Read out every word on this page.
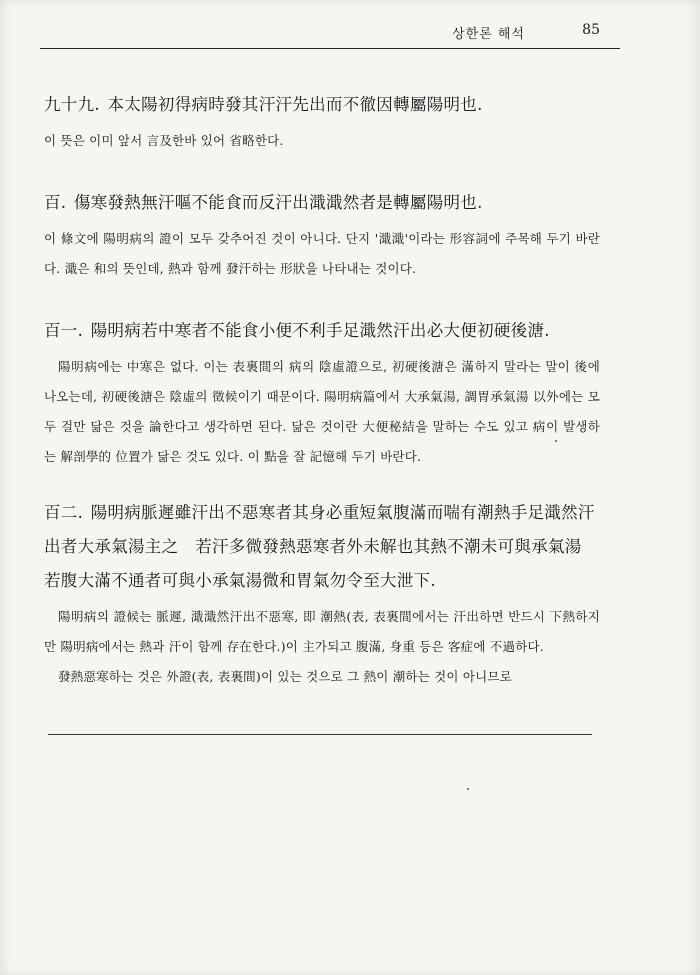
상한론 해석	85

九十九. 本太陽初得病時發其汗汗先出而不徹因轉屬陽明也.

이 뜻은 이미 앞서 言及한바 있어 省略한다.

百. 傷寒發熱無汗嘔不能食而反汗出濈濈然者是轉屬陽明也.

이 條文에 陽明病의 證이 모두 갖추어진 것이 아니다. 단지 '濈濈'이라는 形容詞에 주목해 두기 바란다. 濈은 和의 뜻인데, 熱과 함께 發汗하는 形狀을 나타내는 것이다.

百一. 陽明病若中寒者不能食小便不利手足濈然汗出必大便初硬後溏.

陽明病에는 中寒은 없다. 이는 表裏間의 病의 陰虛證으로, 初硬後溏은 滿하지 말라는 말이 後에 나오는데, 初硬後溏은 陰虛의 徵候이기 때문이다. 陽明病篇에서 大承氣湯, 調胃承氣湯 以外에는 모두 걸만 닮은 것을 論한다고 생각하면 된다. 닮은 것이란 大便秘結을 말하는 수도 있고 病이 발생하는 解剖學的 位置가 닮은 것도 있다. 이 點을 잘 記憶해 두기 바란다.

百二. 陽明病脈遲雖汗出不惡寒者其身必重短氣腹滿而喘有潮熱手足濈然汗出者大承氣湯主之　若汗多微發熱惡寒者外未解也其熱不潮未可與承氣湯　若腹大滿不通者可與小承氣湯微和胃氣勿令至大泄下.

陽明病의 證候는 脈遲, 濈濈然汗出不惡寒, 即 潮熱(表, 表裏間에서는 汗出하면 반드시 下熱하지만 陽明病에서는 熱과 汗이 함께 存在한다.)이 主가되고 腹滿, 身重 등은 客症에 不過하다.

發熱惡寒하는 것은 外證(表, 表裏間)이 있는 것으로 그 熱이 潮하는 것이 아니므로
